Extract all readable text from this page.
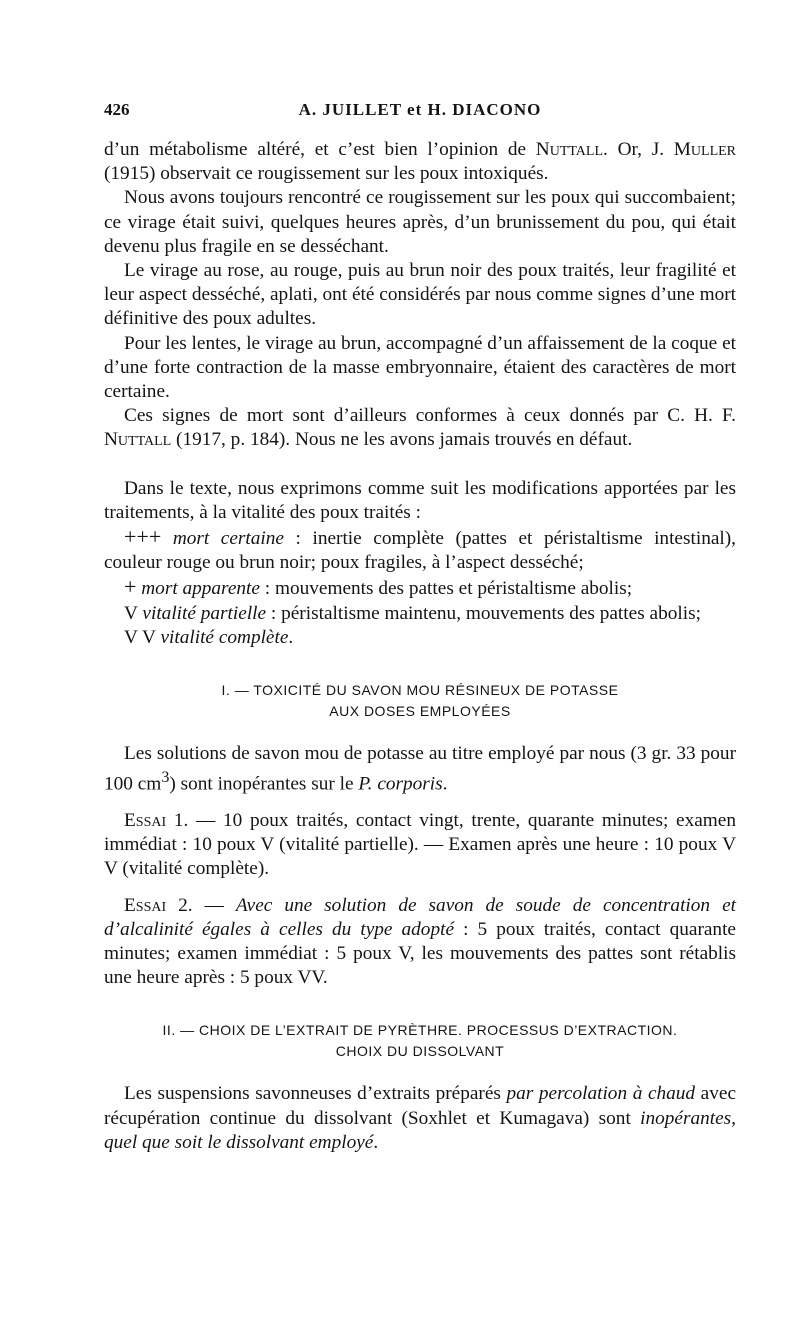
426	A. JUILLET et H. DIACONO

d’un métabolisme altéré, et c’est bien l’opinion de Nuttall. Or, J. Muller (1915) observait ce rougissement sur les poux intoxiqués.

Nous avons toujours rencontré ce rougissement sur les poux qui succombaient; ce virage était suivi, quelques heures après, d’un brunissement du pou, qui était devenu plus fragile en se desséchant.

Le virage au rose, au rouge, puis au brun noir des poux traités, leur fragilité et leur aspect desséché, aplati, ont été considérés par nous comme signes d’une mort définitive des poux adultes.

Pour les lentes, le virage au brun, accompagné d’un affaissement de la coque et d’une forte contraction de la masse embryonnaire, étaient des caractères de mort certaine.

Ces signes de mort sont d’ailleurs conformes à ceux donnés par C. H. F. Nuttall (1917, p. 184). Nous ne les avons jamais trouvés en défaut.

Dans le texte, nous exprimons comme suit les modifications apportées par les traitements, à la vitalité des poux traités :

+++ mort certaine : inertie complète (pattes et péristaltisme intestinal), couleur rouge ou brun noir; poux fragiles, à l’aspect desséché;

+ mort apparente : mouvements des pattes et péristaltisme abolis;

V vitalité partielle : péristaltisme maintenu, mouvements des pattes abolis;

V V vitalité complète.

I. — TOXICITÉ DU SAVON MOU RÉSINEUX DE POTASSE
AUX DOSES EMPLOYÉES

Les solutions de savon mou de potasse au titre employé par nous (3 gr. 33 pour 100 $cm^3$) sont inopérantes sur le P. corporis.

Essai 1. — 10 poux traités, contact vingt, trente, quarante minutes; examen immédiat : 10 poux V (vitalité partielle). — Examen après une heure : 10 poux V V (vitalité complète).

Essai 2. — Avec une solution de savon de soude de concentration et d’alcalinité égales à celles du type adopté : 5 poux traités, contact quarante minutes; examen immédiat : 5 poux V, les mouvements des pattes sont rétablis une heure après : 5 poux VV.

II. — CHOIX DE L’EXTRAIT DE PYRÈTHRE. PROCESSUS D’EXTRACTION.
CHOIX DU DISSOLVANT

Les suspensions savonneuses d’extraits préparés par percolation à chaud avec récupération continue du dissolvant (Soxhlet et Kumagava) sont inopérantes, quel que soit le dissolvant employé.
